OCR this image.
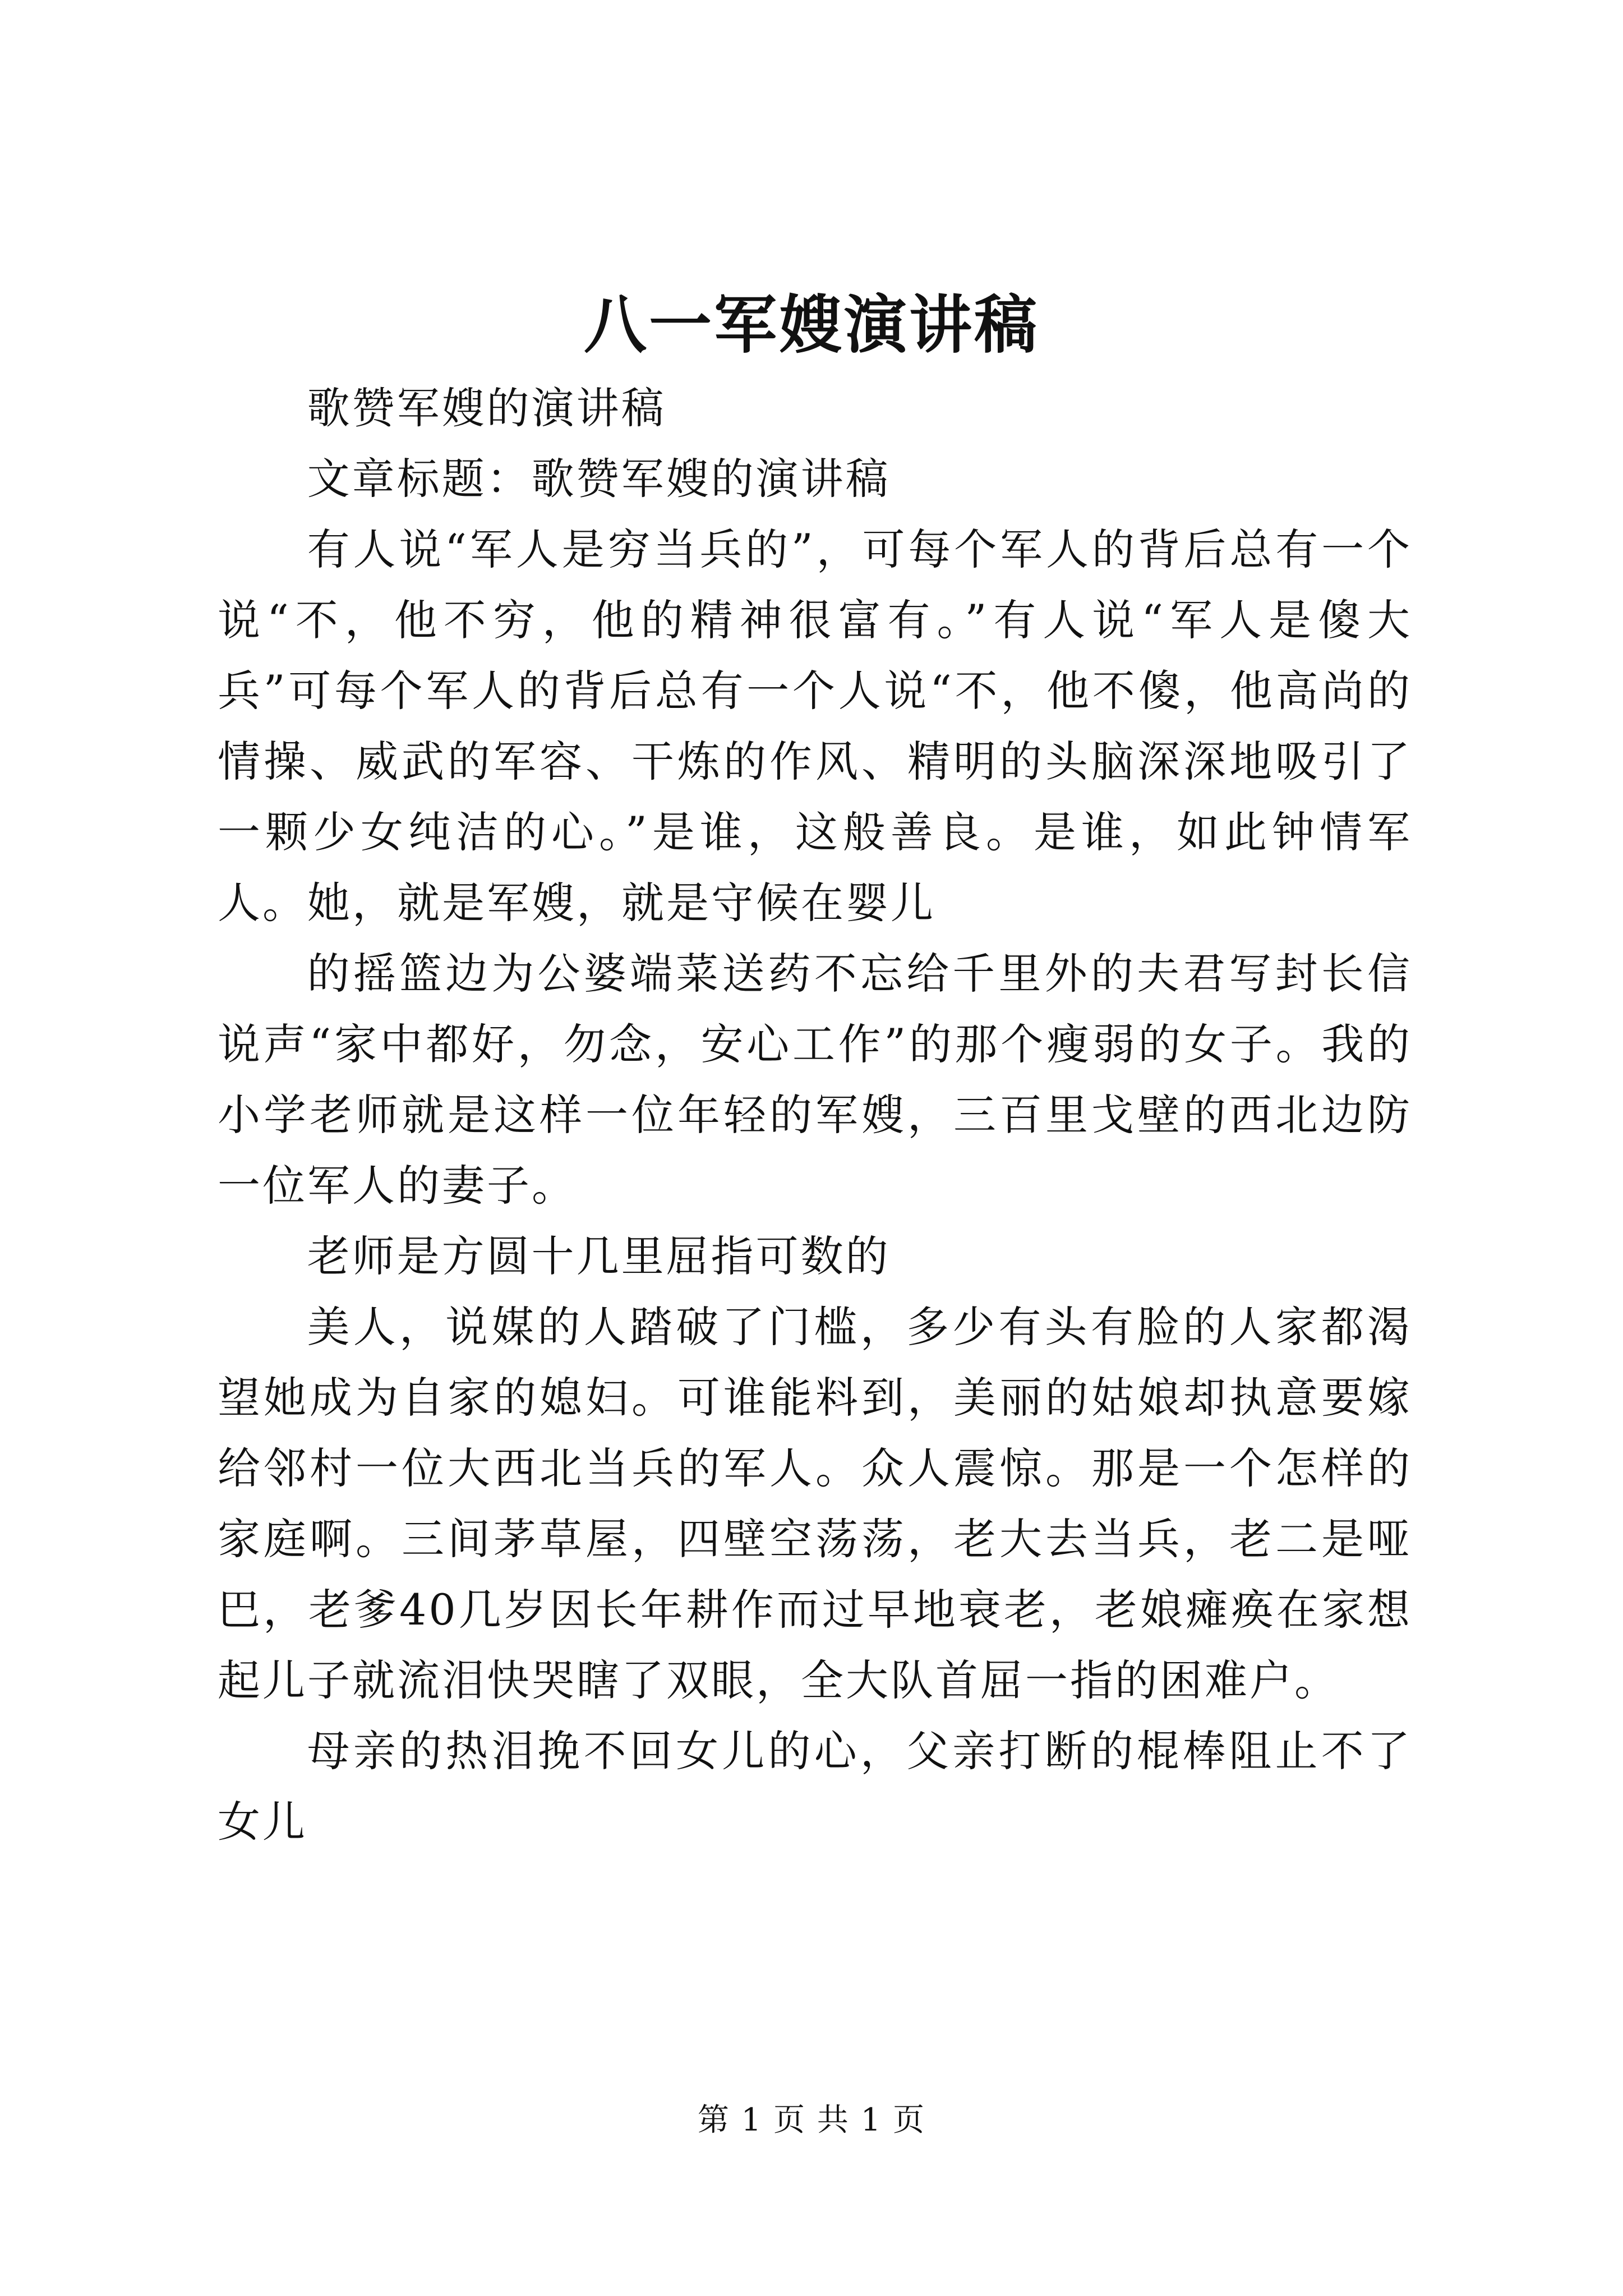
八一军嫂演讲稿

歌赞军嫂的演讲稿

文章标题：歌赞军嫂的演讲稿

有人说“军人是穷当兵的”，可每个军人的背后总有一个说“不，他不穷，他的精神很富有。”有人说“军人是傻大兵”可每个军人的背后总有一个人说“不，他不傻，他高尚的情操、威武的军容、干炼的作风、精明的头脑深深地吸引了一颗少女纯洁的心。”是谁，这般善良。是谁，如此钟情军人。她，就是军嫂，就是守候在婴儿

的摇篮边为公婆端菜送药不忘给千里外的夫君写封长信说声“家中都好，勿念，安心工作”的那个瘦弱的女子。我的小学老师就是这样一位年轻的军嫂，三百里戈壁的西北边防一位军人的妻子。

老师是方圆十几里屈指可数的

美人，说媒的人踏破了门槛，多少有头有脸的人家都渴望她成为自家的媳妇。可谁能料到，美丽的姑娘却执意要嫁给邻村一位大西北当兵的军人。众人震惊。那是一个怎样的家庭啊。三间茅草屋，四壁空荡荡，老大去当兵，老二是哑巴，老爹40几岁因长年耕作而过早地衰老，老娘瘫痪在家想起儿子就流泪快哭瞎了双眼，全大队首屈一指的困难户。

母亲的热泪挽不回女儿的心，父亲打断的棍棒阻止不了女儿

第 1 页 共 1 页
